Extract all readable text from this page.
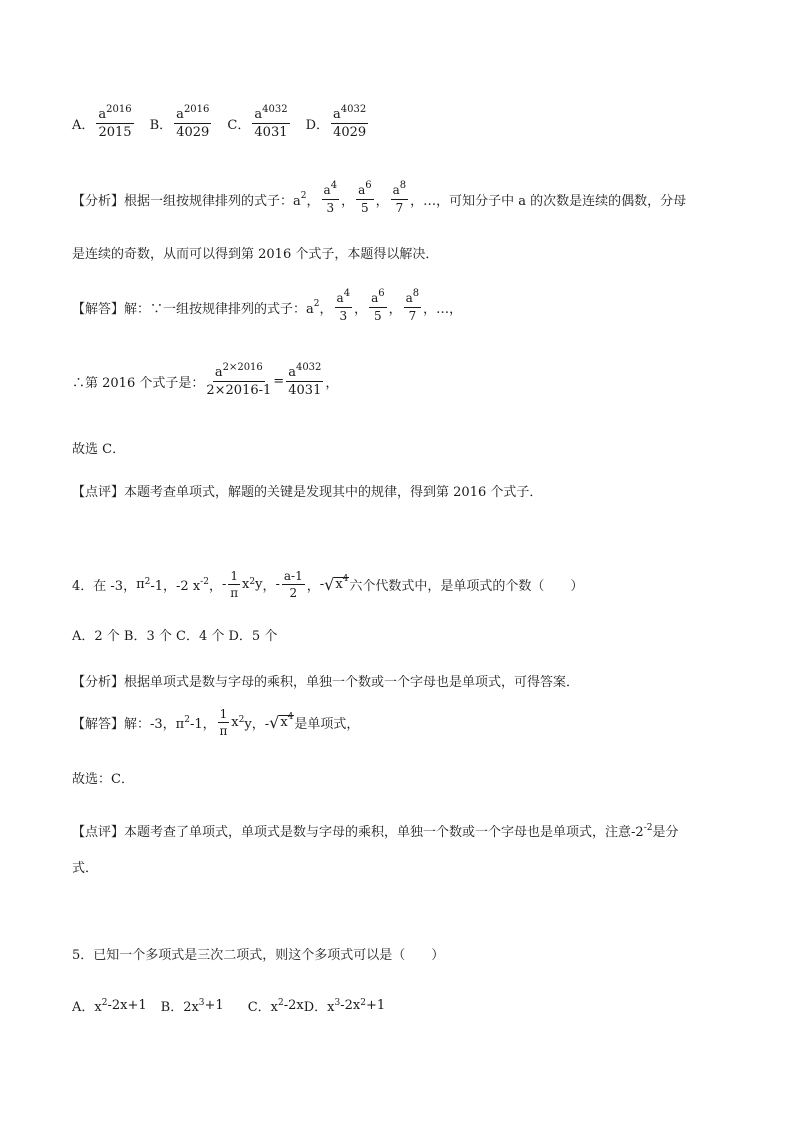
A． $\frac{a^{2016}}{2015}$ B． $\frac{a^{2016}}{4029}$ C． $\frac{a^{4032}}{4031}$ D． $\frac{a^{4032}}{4029}$
【分析】 根据一组按规律排列的式子：$a^2$ ， $\frac{a^4}{3}$ ， $\frac{a^6}{5}$ ， $\frac{a^8}{7}$ ，…，可知分子中 a 的次数是连续的偶数，分母
是连续的奇数，从而可以得到第 2016 个式子，本题得以解决．
【解答】 解：∵一组按规律排列的式子：$a^2$ ， $\frac{a^4}{3}$ ， $\frac{a^6}{5}$ ， $\frac{a^8}{7}$ ，…，
∴第 2016 个式子是： $\frac{a^{2\times 2016}}{2\times 2016-1} = \frac{a^{4032}}{4031}$ ，
故选 C．
【点评】 本题考查单项式，解题的关键是发现其中的规律，得到第 2016 个式子．
4．在 -3， $\pi^2$ -1，-2 $x^{-2}$ ， - $\frac{1}{\pi} x^2$ y ， - $\frac{a-1}{2}$ ， - √ $x^4$ 六个代数式中，是单项式的个数（　　）
A．2 个 B．3 个 C．4 个 D．5 个
【分析】 根据单项式是数与字母的乘积，单独一个数或一个字母也是单项式，可得答案．
【解答】 解：-3，$\pi^2$ -1， $\frac{1}{\pi} x^2$ y，- √ $x^4$ 是单项式，
故选：C．
【点评】 本题考查了单项式，单项式是数与字母的乘积，单独一个数或一个字母也是单项式，注意$-2^{-2}$ 是分
式．
5．已知一个多项式是三次二项式，则这个多项式可以是（　　）
A．$x^2$ -2x+1 B．$2x^3 +1$ C．$x^2$ -2x D．$x^3$ $-2x^2 +1$
